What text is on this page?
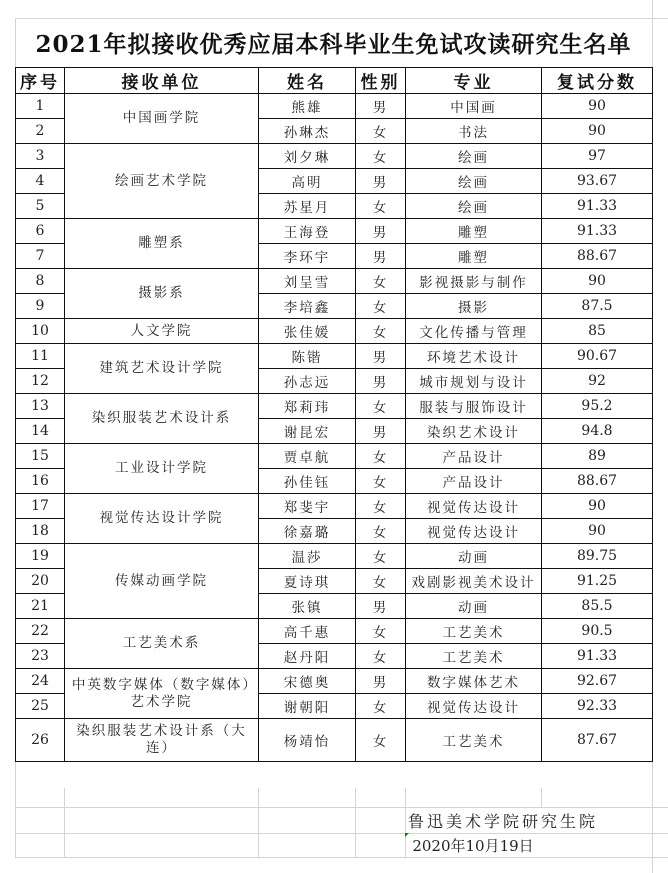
2021年拟接收优秀应届本科毕业生免试攻读研究生名单
序号	接收单位	姓名	性别	专业	复试分数
1	中国画学院	熊雄	男	中国画	90
2		孙琳杰	女	书法	90
3	绘画艺术学院	刘夕琳	女	绘画	97
4		高明	男	绘画	93.67
5		苏星月	女	绘画	91.33
6	雕塑系	王海登	男	雕塑	91.33
7		李环宇	男	雕塑	88.67
8	摄影系	刘呈雪	女	影视摄影与制作	90
9		李培鑫	女	摄影	87.5
10	人文学院	张佳媛	女	文化传播与管理	85
11	建筑艺术设计学院	陈锴	男	环境艺术设计	90.67
12		孙志远	男	城市规划与设计	92
13	染织服装艺术设计系	郑莉玮	女	服装与服饰设计	95.2
14		谢昆宏	男	染织艺术设计	94.8
15	工业设计学院	贾卓航	女	产品设计	89
16		孙佳钰	女	产品设计	88.67
17	视觉传达设计学院	郑斐宇	女	视觉传达设计	90
18		徐嘉璐	女	视觉传达设计	90
19	传媒动画学院	温莎	女	动画	89.75
20		夏诗琪	女	戏剧影视美术设计	91.25
21		张镇	男	动画	85.5
22	工艺美术系	高千惠	女	工艺美术	90.5
23		赵丹阳	女	工艺美术	91.33
24	中英数字媒体（数字媒体）艺术学院	宋德奥	男	数字媒体艺术	92.67
25		谢朝阳	女	视觉传达设计	92.33
26	染织服装艺术设计系（大连）	杨靖怡	女	工艺美术	87.67
鲁迅美术学院研究生院
2020年10月19日
